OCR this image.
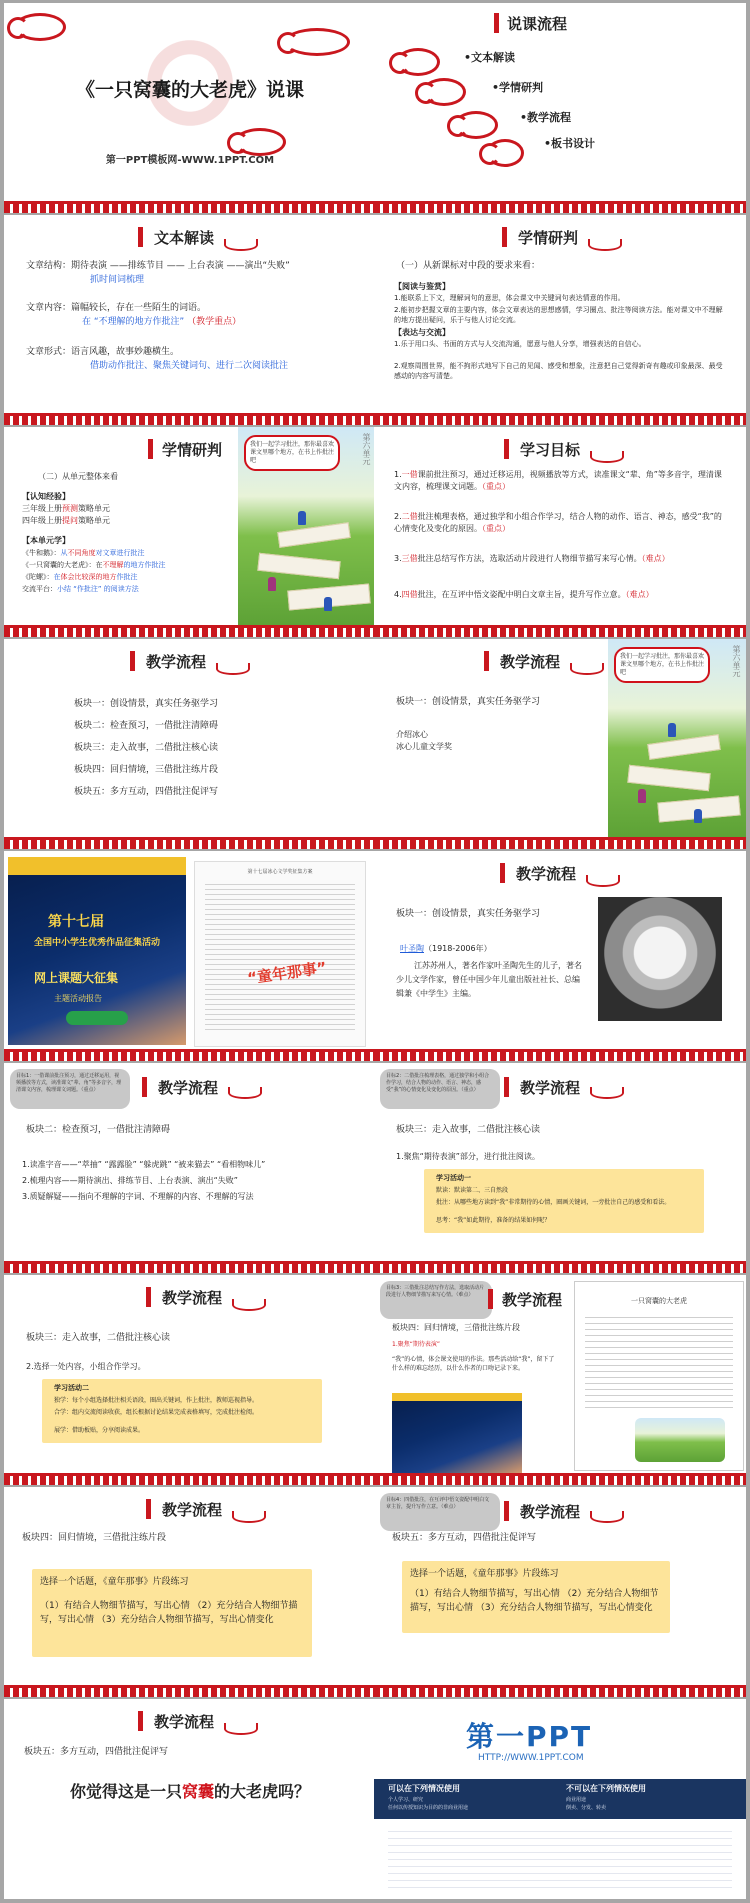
《一只窝囊的大老虎》说课
第一PPT模板网-WWW.1PPT.COM
说课流程
•文本解读
•学情研判
•教学流程
•板书设计
文本解读
文章结构：期待表演 ——排练节目 —— 上台表演 ——演出“失败”
抓时间词梳理
文章内容：篇幅较长，存在一些陌生的词语。
在 “不理解的地方作批注” （教学重点）
文章形式：语言风趣，故事妙趣横生。
借助动作批注、聚焦关键词句、进行二次阅读批注
学情研判
（一）从新课标对中段的要求来看：
【阅读与鉴赏】
1.能联系上下文，理解词句的意思，体会课文中关键词句表达情意的作用。
2.能初步把握文章的主要内容，体会文章表达的思想感情，学习圈点、批注等阅读方法。能对课文中不理解的地方提出疑问，乐于与他人讨论交流。
【表达与交流】
1.乐于用口头、书面的方式与人交流沟通，愿意与他人分享，增强表达的自信心。
2.观察周围世界，能不拘形式地写下自己的见闻、感受和想象，注意把自己觉得新奇有趣或印象最深、最受感动的内容写清楚。
学情研判
（二）从单元整体来看
【认知经验】
三年级上册预测策略单元
四年级上册提问策略单元
【本单元学】
《牛和鹅》：从不同角度对文章进行批注
《一只窝囊的大老虎》：在不理解的地方作批注
《陀螺》：在体会比较深的地方作批注
交流平台：小结 “作批注” 的阅读方法
我们一起学习批注，那你最喜欢课文里哪个地方，在书上作批注吧	第六单元	学习目标
1.一借课前批注预习，通过迁移运用，视频播放等方式，读准课文“辈、角”等多音字，理清课文内容，梳理课文词题。（重点）
2.二借批注梳理表格，通过独学和小组合作学习，结合人物的动作、语言、神态，感受“我”的心情变化及变化的原因。（重点）
3.三借批注总结写作方法，选取活动片段进行人物细节描写来写心情。（难点）
4.四借批注，在互评中悟文姿配中明白文章主旨，提升写作立意。（难点）
教学流程
板块一：创设情景，真实任务驱学习
板块二：检查预习，一借批注清障碍
板块三：走入故事，二借批注核心读
板块四：回归情境，三借批注练片段
板块五：多方互动，四借批注促评写
教学流程
板块一：创设情景，真实任务驱学习
介绍冰心
冰心儿童文学奖
我们一起学习批注，那你最喜欢课文里哪个地方，在书上作批注吧	第六单元
第十七届
全国中小学生优秀作品征集活动
网上课题大征集
主题活动报告
第十七届冰心文学奖征集方案
“童年那事”
教学流程
板块一：创设情景，真实任务驱学习
叶圣陶（1918-2006年）
江苏苏州人，著名作家叶圣陶先生的儿子，著名少儿文学作家，曾任中国少年儿童出版社社长、总编辑兼《中学生》主编。
目标1：一借课前批注预习，通过迁移运用，视频播放等方式，读准课文“辈、角”等多音字，理清课文内容，梳理课文词题。（重点）	教学流程
板块二：检查预习，一借批注清障碍
1.读准字音——“萃抽” “露露脸” “躲虎跳” “被来猫去” “看相物味儿”
2.梳理内容——期待演出、排练节目、上台表演、演出“失败”
3.质疑解疑——指向不理解的字词、不理解的内容、不理解的写法
目标2：二借批注梳理表格，通过独学和小组合作学习，结合人物的动作、语言、神态，感受“我”的心情变化及变化的原因。（重点）	教学流程
板块三：走入故事，二借批注核心读
1.聚焦“期待表演”部分，进行批注阅读。
学习活动一
默读：默读第二、三自然段
批注：从哪些地方读到“我”非常期待的心情，圈画关键词，一旁批注自己的感受和看法。
思考：“我”如此期待，准备的结果如何呢？
教学流程
板块三：走入故事，二借批注核心读
2.选择一处内容，小组合作学习。
学习活动二
独学：每个小组选择批注相关语段，圈出关键词，作上批注，教师巡视指导。
合学：组内交流阅读收获，组长根据讨论结果完成表格填写，完成批注检阅。
展学：借助板贴，分享阅读成果。
目标3：三借批注总结写作方法，选取活动片段进行人物细节描写来写心情。（难点）	教学流程
板块四：回归情境，三借批注练片段
1.聚焦“期待表演”
“我”的心情，体会课文使用的作法。那些活动给“我”，留下了什么样的难忘经历，以什么作者的口吻记录下来。
一只窝囊的大老虎
教学流程
板块四：回归情境，三借批注练片段
选择一个话题，《童年那事》片段练习
（1）有结合人物细节描写，写出心情 （2）充分结合人物细节描写，写出心情 （3）充分结合人物细节描写，写出心情变化
目标4：四借批注，在互评中悟文姿配中明白文章主旨，提升写作立意。（难点）	教学流程
板块五：多方互动，四借批注促评写
选择一个话题，《童年那事》片段练习
（1）有结合人物细节描写，写出心情 （2）充分结合人物细节描写，写出心情 （3）充分结合人物细节描写，写出心情变化
教学流程
板块五：多方互动，四借批注促评写
你觉得这是一只窝囊的大老虎吗？
第一PPT
HTTP://WWW.1PPT.COM
可以在下列情况使用
个人学习、研究
任何以传授知识为目的的非商业用途
不可以在下列情况使用
商业用途
倒卖、分发、转卖
